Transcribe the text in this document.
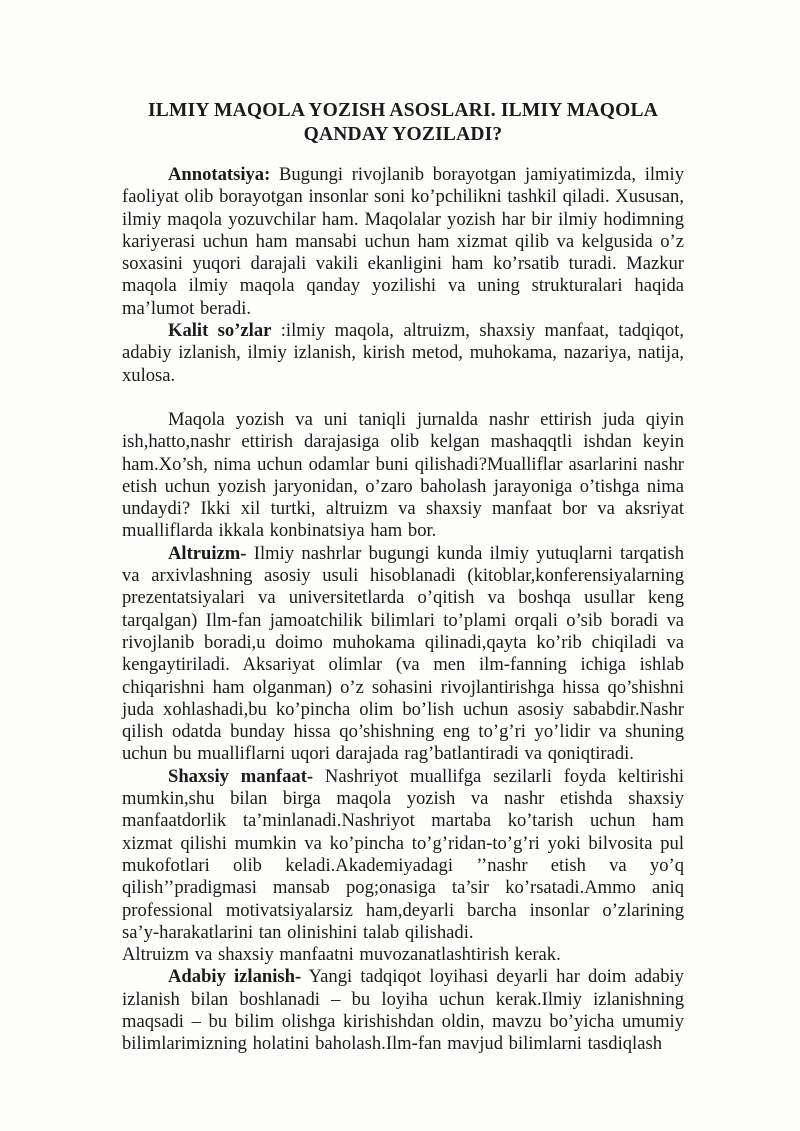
ILMIY MAQOLA YOZISH ASOSLARI. ILMIY MAQOLA
QANDAY YOZILADI?

Annotatsiya: Bugungi rivojlanib borayotgan jamiyatimizda, ilmiy faoliyat olib borayotgan insonlar soni ko’pchilikni tashkil qiladi. Xususan, ilmiy maqola yozuvchilar ham. Maqolalar yozish har bir ilmiy hodimning kariyerasi uchun ham mansabi uchun ham xizmat qilib va kelgusida o’z soxasini yuqori darajali vakili ekanligini ham ko’rsatib turadi. Mazkur maqola ilmiy maqola qanday yozilishi va uning strukturalari haqida ma’lumot beradi.

Kalit so’zlar :ilmiy maqola, altruizm, shaxsiy manfaat, tadqiqot, adabiy izlanish, ilmiy izlanish, kirish metod, muhokama, nazariya, natija, xulosa.

Maqola yozish va uni taniqli jurnalda nashr ettirish juda qiyin ish,hatto,nashr ettirish darajasiga olib kelgan mashaqqtli ishdan keyin ham.Xo’sh, nima uchun odamlar buni qilishadi?Mualliflar asarlarini nashr etish uchun yozish jaryonidan, o’zaro baholash jarayoniga o’tishga nima undaydi? Ikki xil turtki, altruizm va shaxsiy manfaat bor va aksriyat mualliflarda ikkala konbinatsiya ham bor.

Altruizm- Ilmiy nashrlar bugungi kunda ilmiy yutuqlarni tarqatish va arxivlashning asosiy usuli hisoblanadi (kitoblar,konferensiyalarning prezentatsiyalari va universitetlarda o’qitish va boshqa usullar keng tarqalgan) Ilm-fan jamoatchilik bilimlari to’plami orqali o’sib boradi va rivojlanib boradi,u doimo muhokama qilinadi,qayta ko’rib chiqiladi va kengaytiriladi. Aksariyat olimlar (va men ilm-fanning ichiga ishlab chiqarishni ham olganman) o’z sohasini rivojlantirishga hissa qo’shishni juda xohlashadi,bu ko’pincha olim bo’lish uchun asosiy sababdir.Nashr qilish odatda bunday hissa qo’shishning eng to’g’ri yo’lidir va shuning uchun bu mualliflarni uqori darajada rag’batlantiradi va qoniqtiradi.

Shaxsiy manfaat- Nashriyot muallifga sezilarli foyda keltirishi mumkin,shu bilan birga maqola yozish va nashr etishda shaxsiy manfaatdorlik ta’minlanadi.Nashriyot martaba ko’tarish uchun ham xizmat qilishi mumkin va ko’pincha to’g’ridan-to’g’ri yoki bilvosita pul mukofotlari olib keladi.Akademiyadagi ’’nashr etish va yo’q qilish’’pradigmasi mansab pog;onasiga ta’sir ko’rsatadi.Ammo aniq professional motivatsiyalarsiz ham,deyarli barcha insonlar o’zlarining sa’y-harakatlarini tan olinishini talab qilishadi.

Altruizm va shaxsiy manfaatni muvozanatlashtirish kerak.

Adabiy izlanish- Yangi tadqiqot loyihasi deyarli har doim adabiy izlanish bilan boshlanadi – bu loyiha uchun kerak.Ilmiy izlanishning maqsadi – bu bilim olishga kirishishdan oldin, mavzu bo’yicha umumiy bilimlarimizning holatini baholash.Ilm-fan mavjud bilimlarni tasdiqlash
